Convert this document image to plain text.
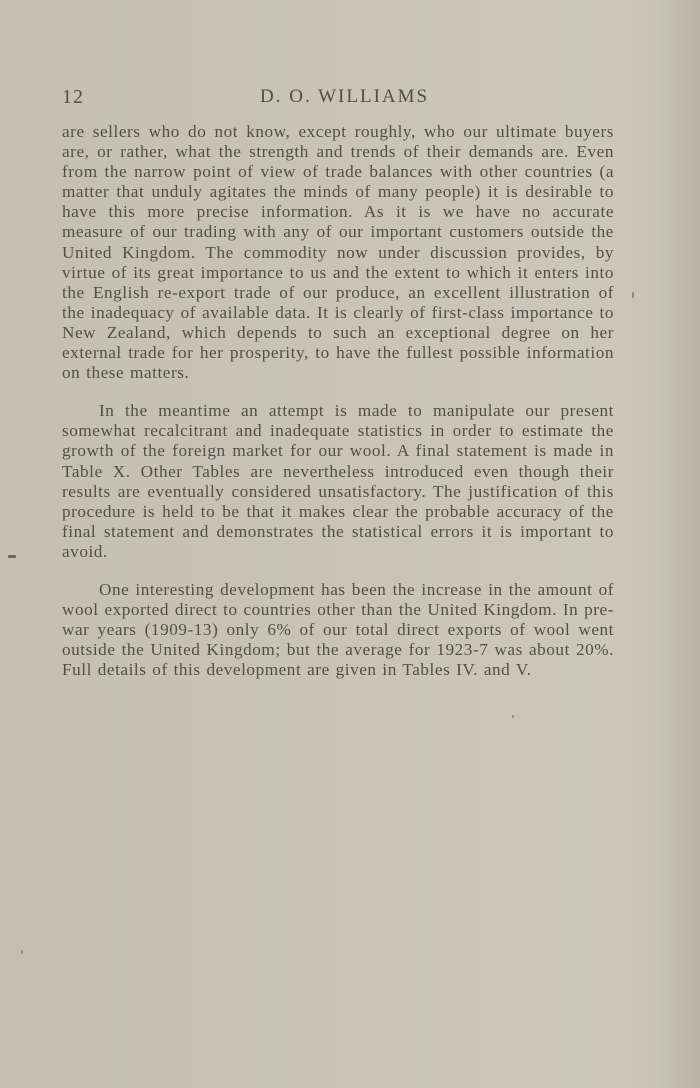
12	D. O. WILLIAMS

are sellers who do not know, except roughly, who our ultimate buyers are, or rather, what the strength and trends of their demands are. Even from the narrow point of view of trade balances with other countries (a matter that unduly agitates the minds of many people) it is desirable to have this more precise information. As it is we have no accurate measure of our trading with any of our important customers outside the United Kingdom. The commodity now under discussion provides, by virtue of its great importance to us and the extent to which it enters into the English re-export trade of our produce, an excellent illustration of the inadequacy of available data. It is clearly of first-class importance to New Zealand, which depends to such an exceptional degree on her external trade for her prosperity, to have the fullest possible information on these matters.

In the meantime an attempt is made to manipulate our present somewhat recalcitrant and inadequate statistics in order to estimate the growth of the foreign market for our wool. A final statement is made in Table X. Other Tables are nevertheless introduced even though their results are eventually considered unsatisfactory. The justification of this procedure is held to be that it makes clear the probable accuracy of the final statement and demonstrates the statistical errors it is important to avoid.

One interesting development has been the increase in the amount of wool exported direct to countries other than the United Kingdom. In pre-war years (1909-13) only 6% of our total direct exports of wool went outside the United Kingdom; but the average for 1923-7 was about 20%. Full details of this development are given in Tables IV. and V.
